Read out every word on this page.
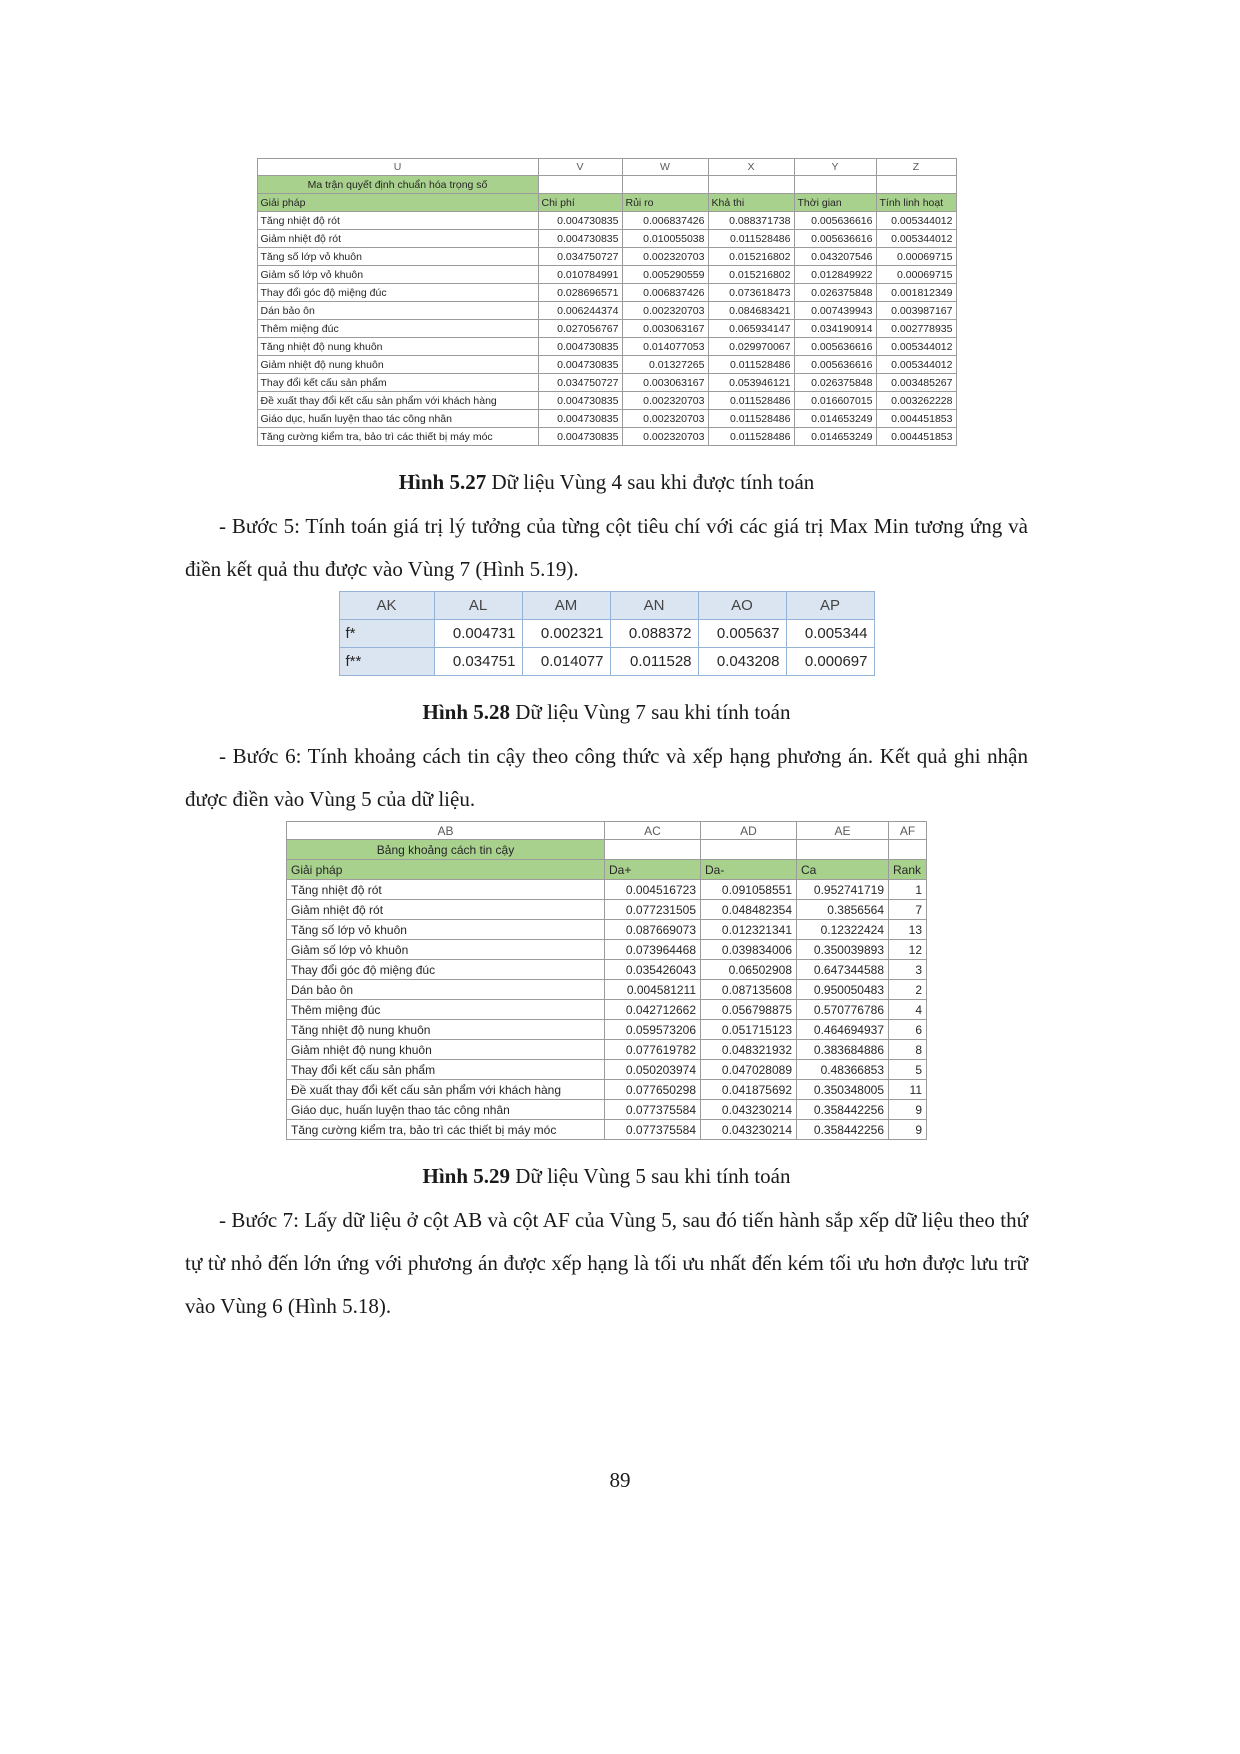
U	V	W	X	Y	Z
Ma trận quyết định chuẩn hóa trọng số					
Giải pháp	Chi phí	Rủi ro	Khả thi	Thời gian	Tính linh hoạt
Tăng nhiệt độ rót	0.004730835	0.006837426	0.088371738	0.005636616	0.005344012
Giảm nhiệt độ rót	0.004730835	0.010055038	0.011528486	0.005636616	0.005344012
Tăng số lớp vỏ khuôn	0.034750727	0.002320703	0.015216802	0.043207546	0.00069715
Giảm số lớp vỏ khuôn	0.010784991	0.005290559	0.015216802	0.012849922	0.00069715
Thay đổi góc độ miệng đúc	0.028696571	0.006837426	0.073618473	0.026375848	0.001812349
Dán bảo ôn	0.006244374	0.002320703	0.084683421	0.007439943	0.003987167
Thêm miệng đúc	0.027056767	0.003063167	0.065934147	0.034190914	0.002778935
Tăng nhiệt độ nung khuôn	0.004730835	0.014077053	0.029970067	0.005636616	0.005344012
Giảm nhiệt độ nung khuôn	0.004730835	0.01327265	0.011528486	0.005636616	0.005344012
Thay đổi kết cấu sản phẩm	0.034750727	0.003063167	0.053946121	0.026375848	0.003485267
Đề xuất thay đổi kết cấu sản phẩm với khách hàng	0.004730835	0.002320703	0.011528486	0.016607015	0.003262228
Giáo dục, huấn luyện thao tác công nhân	0.004730835	0.002320703	0.011528486	0.014653249	0.004451853
Tăng cường kiểm tra, bảo trì các thiết bị máy móc	0.004730835	0.002320703	0.011528486	0.014653249	0.004451853

Hình 5.27 Dữ liệu Vùng 4 sau khi được tính toán

- Bước 5: Tính toán giá trị lý tưởng của từng cột tiêu chí với các giá trị Max Min tương ứng và điền kết quả thu được vào Vùng 7 (Hình 5.19).

AK	AL	AM	AN	AO	AP
f*	0.004731	0.002321	0.088372	0.005637	0.005344
f**	0.034751	0.014077	0.011528	0.043208	0.000697

Hình 5.28 Dữ liệu Vùng 7 sau khi tính toán

- Bước 6: Tính khoảng cách tin cậy theo công thức và xếp hạng phương án. Kết quả ghi nhận được điền vào Vùng 5 của dữ liệu.

AB	AC	AD	AE	AF
Bảng khoảng cách tin cậy				
Giải pháp	Da+	Da-	Ca	Rank
Tăng nhiệt độ rót	0.004516723	0.091058551	0.952741719	1
Giảm nhiệt độ rót	0.077231505	0.048482354	0.3856564	7
Tăng số lớp vỏ khuôn	0.087669073	0.012321341	0.12322424	13
Giảm số lớp vỏ khuôn	0.073964468	0.039834006	0.350039893	12
Thay đổi góc độ miệng đúc	0.035426043	0.06502908	0.647344588	3
Dán bảo ôn	0.004581211	0.087135608	0.950050483	2
Thêm miệng đúc	0.042712662	0.056798875	0.570776786	4
Tăng nhiệt độ nung khuôn	0.059573206	0.051715123	0.464694937	6
Giảm nhiệt độ nung khuôn	0.077619782	0.048321932	0.383684886	8
Thay đổi kết cấu sản phẩm	0.050203974	0.047028089	0.48366853	5
Đề xuất thay đổi kết cấu sản phẩm với khách hàng	0.077650298	0.041875692	0.350348005	11
Giáo dục, huấn luyện thao tác công nhân	0.077375584	0.043230214	0.358442256	9
Tăng cường kiểm tra, bảo trì các thiết bị máy móc	0.077375584	0.043230214	0.358442256	9

Hình 5.29 Dữ liệu Vùng 5 sau khi tính toán

- Bước 7: Lấy dữ liệu ở cột AB và cột AF của Vùng 5, sau đó tiến hành sắp xếp dữ liệu theo thứ tự từ nhỏ đến lớn ứng với phương án được xếp hạng là tối ưu nhất đến kém tối ưu hơn được lưu trữ vào Vùng 6 (Hình 5.18).

89
